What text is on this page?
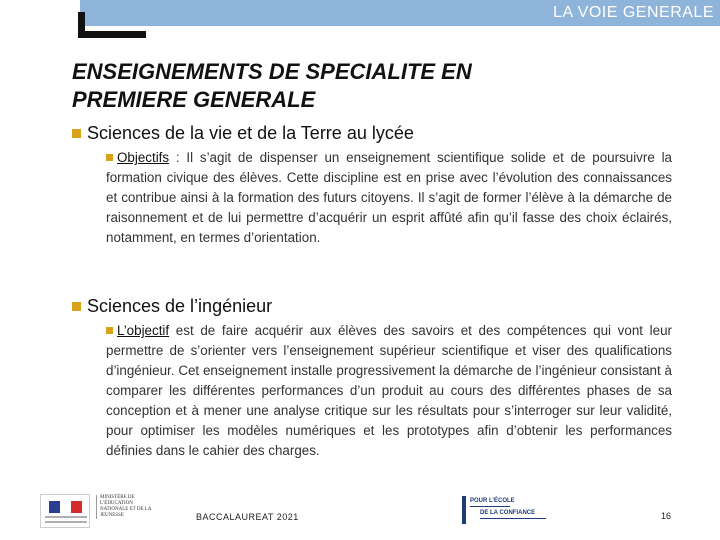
LA VOIE GENERALE
ENSEIGNEMENTS DE SPECIALITE EN
PREMIERE GENERALE
Sciences de la vie et de la Terre au lycée
Objectifs : Il s’agit de dispenser un enseignement scientifique solide et de poursuivre la formation civique des élèves. Cette discipline est en prise avec l’évolution des connaissances et contribue ainsi à la formation des futurs citoyens. Il s’agit de former l’élève à la démarche de raisonnement et de lui permettre d’acquérir un esprit affûté afin qu’il fasse des choix éclairés, notamment, en termes d’orientation.
Sciences de l’ingénieur
L’objectif est de faire acquérir aux élèves des savoirs et des compétences qui vont leur permettre de s’orienter vers l’enseignement supérieur scientifique et viser des qualifications d’ingénieur. Cet enseignement installe progressivement la démarche de l’ingénieur consistant à comparer les différentes performances d’un produit au cours des différentes phases de sa conception et à mener une analyse critique sur les résultats pour s’interroger sur leur validité, pour optimiser les modèles numériques et les prototypes afin d’obtenir les performances définies dans le cahier des charges.
MINISTÈRE DE L’ÉDUCATION NATIONALE ET DE LA JEUNESSE	BACCALAUREAT 2021
POUR L’ÉCOLE
DE LA CONFIANCE	16
